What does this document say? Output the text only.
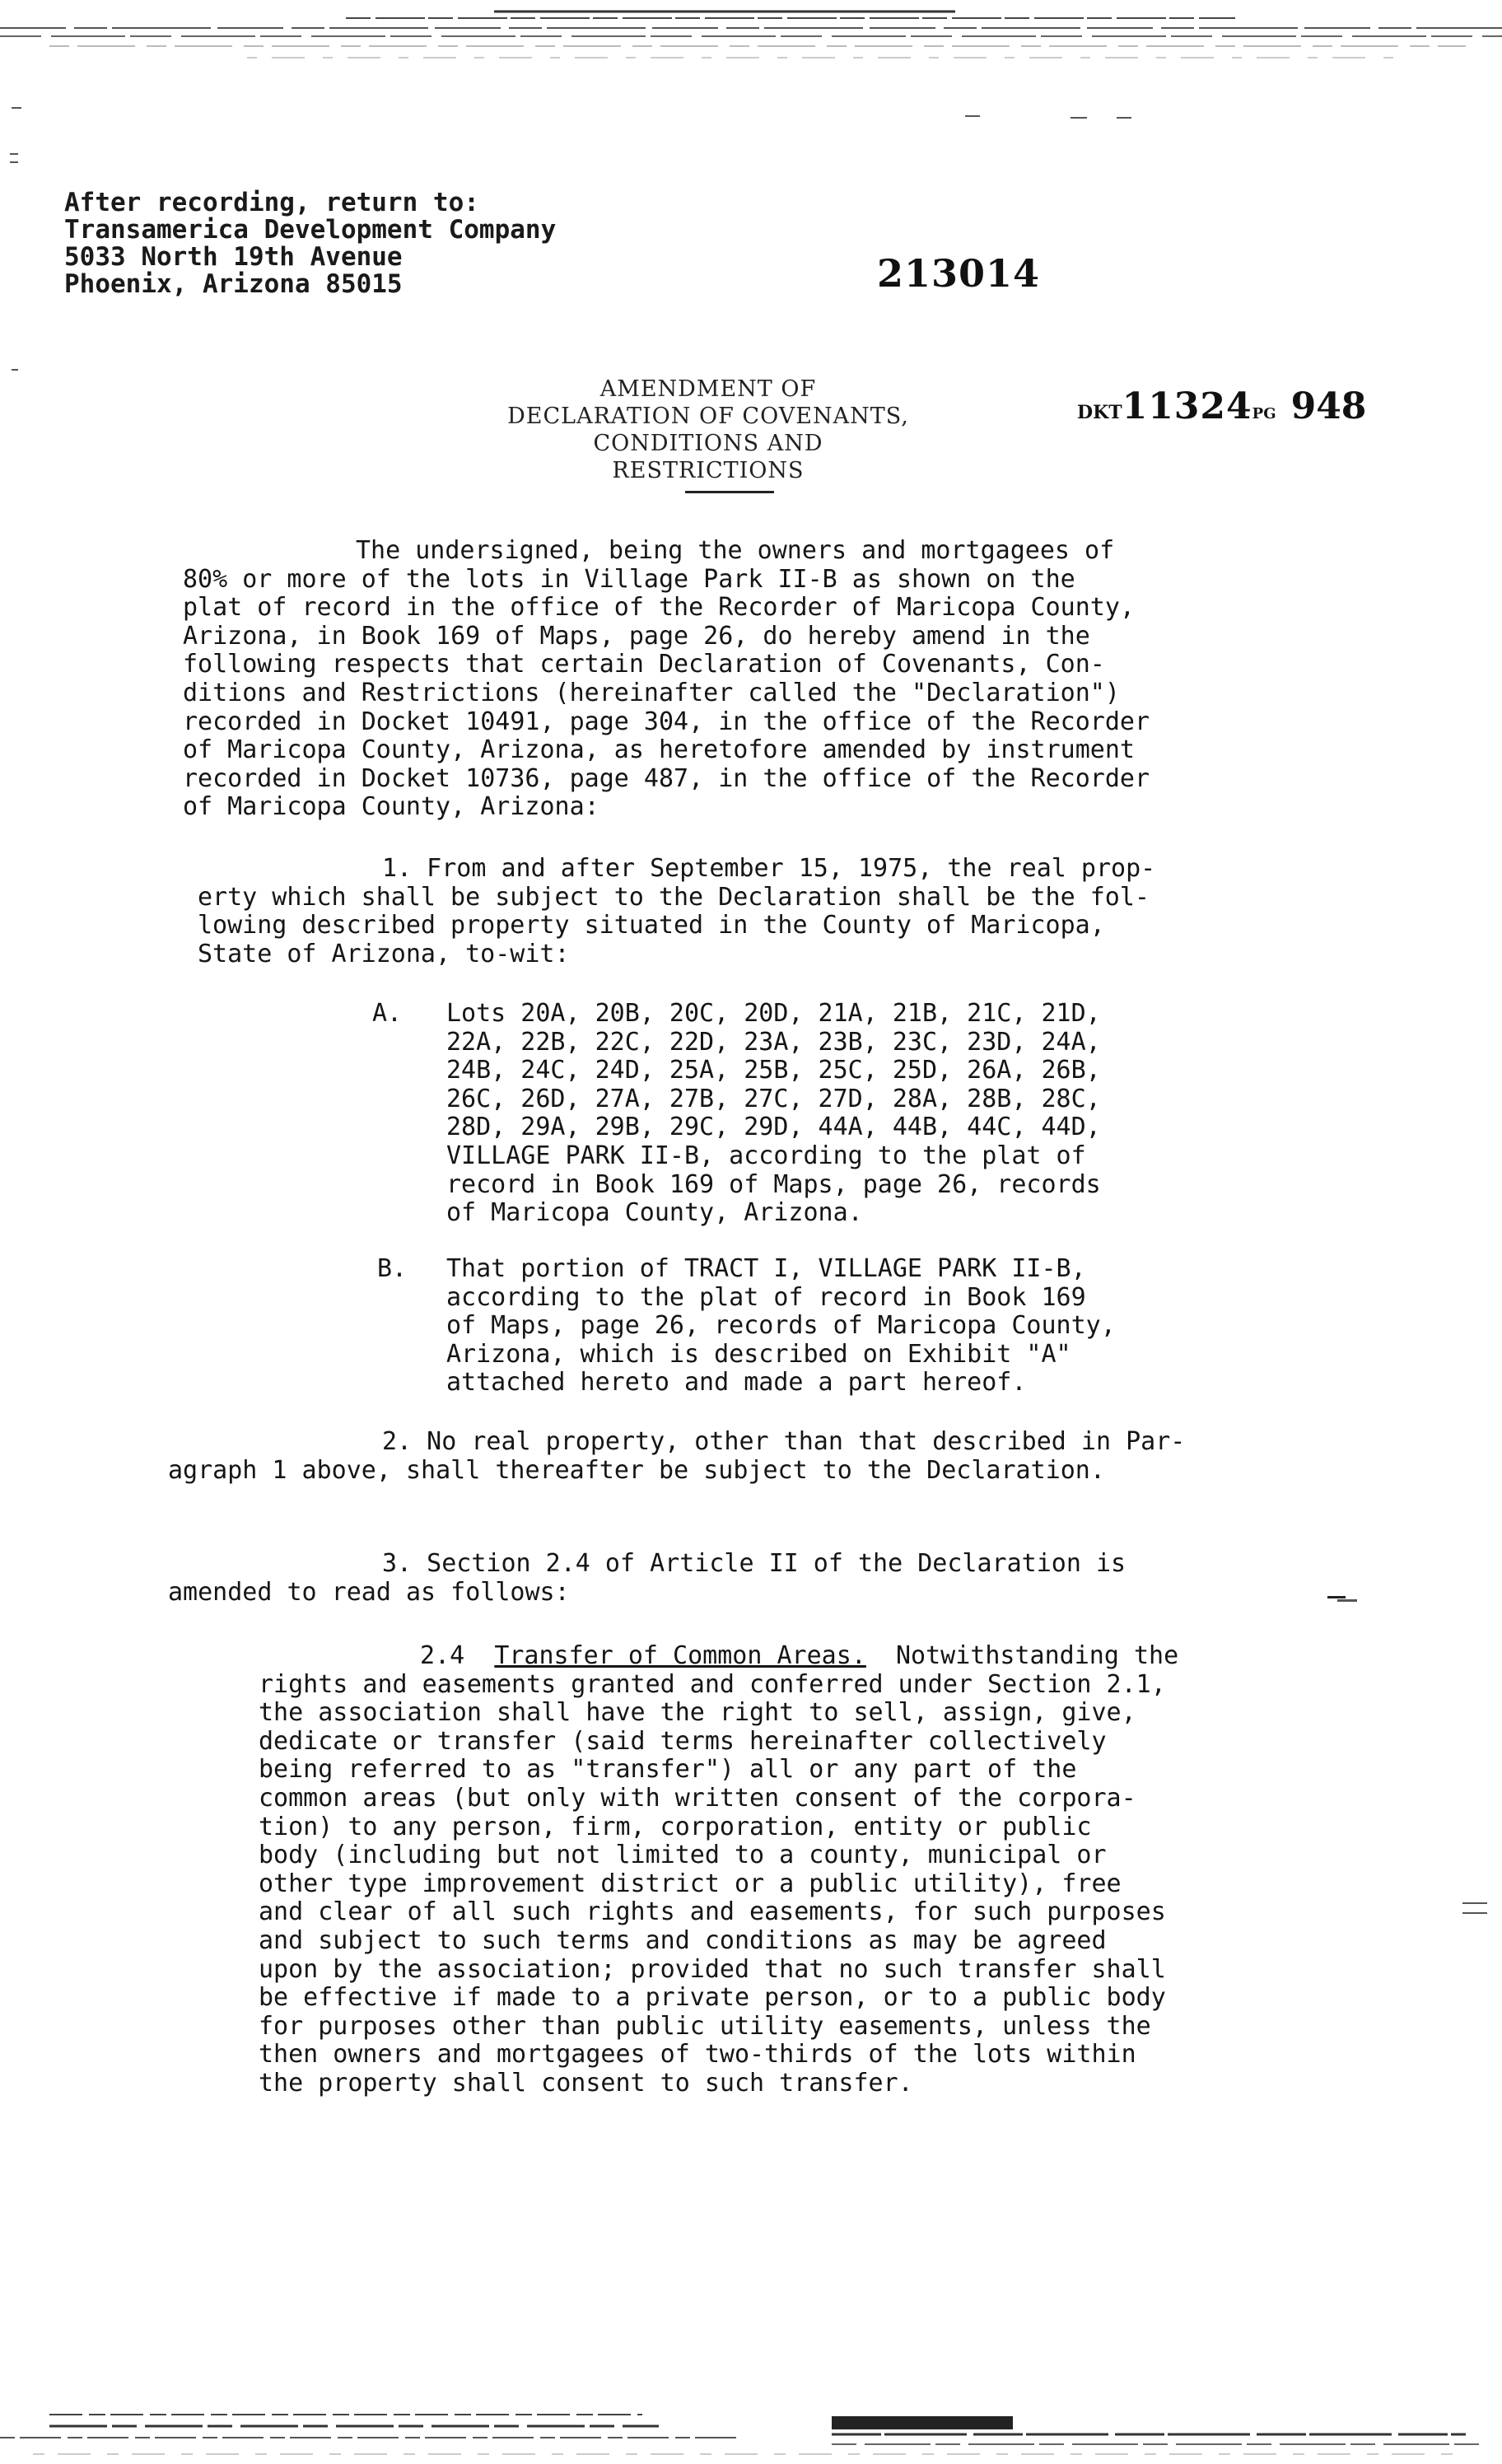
After recording, return to:
Transamerica Development Company
5033 North 19th Avenue
Phoenix, Arizona 85015	213014
AMENDMENT OF
DECLARATION OF COVENANTS,
CONDITIONS AND RESTRICTIONS
DKT11324PG 948
The undersigned, being the owners and mortgagees of
80% or more of the lots in Village Park II-B as shown on the
plat of record in the office of the Recorder of Maricopa County,
Arizona, in Book 169 of Maps, page 26, do hereby amend in the
following respects that certain Declaration of Covenants, Con-
ditions and Restrictions (hereinafter called the "Declaration")
recorded in Docket 10491, page 304, in the office of the Recorder
of Maricopa County, Arizona, as heretofore amended by instrument
recorded in Docket 10736, page 487, in the office of the Recorder
of Maricopa County, Arizona:
1. From and after September 15, 1975, the real prop-
erty which shall be subject to the Declaration shall be the fol-
lowing described property situated in the County of Maricopa,
State of Arizona, to-wit:
A. Lots 20A, 20B, 20C, 20D, 21A, 21B, 21C, 21D,
22A, 22B, 22C, 22D, 23A, 23B, 23C, 23D, 24A,
24B, 24C, 24D, 25A, 25B, 25C, 25D, 26A, 26B,
26C, 26D, 27A, 27B, 27C, 27D, 28A, 28B, 28C,
28D, 29A, 29B, 29C, 29D, 44A, 44B, 44C, 44D,
VILLAGE PARK II-B, according to the plat of
record in Book 169 of Maps, page 26, records
of Maricopa County, Arizona.
B. That portion of TRACT I, VILLAGE PARK II-B,
according to the plat of record in Book 169
of Maps, page 26, records of Maricopa County,
Arizona, which is described on Exhibit "A"
attached hereto and made a part hereof.
2. No real property, other than that described in Par-
agraph 1 above, shall thereafter be subject to the Declaration.
3. Section 2.4 of Article II of the Declaration is
amended to read as follows:
2.4 Transfer of Common Areas. Notwithstanding the
rights and easements granted and conferred under Section 2.1,
the association shall have the right to sell, assign, give,
dedicate or transfer (said terms hereinafter collectively
being referred to as "transfer") all or any part of the
common areas (but only with written consent of the corpora-
tion) to any person, firm, corporation, entity or public
body (including but not limited to a county, municipal or
other type improvement district or a public utility), free
and clear of all such rights and easements, for such purposes
and subject to such terms and conditions as may be agreed
upon by the association; provided that no such transfer shall
be effective if made to a private person, or to a public body
for purposes other than public utility easements, unless the
then owners and mortgagees of two-thirds of the lots within
the property shall consent to such transfer.
